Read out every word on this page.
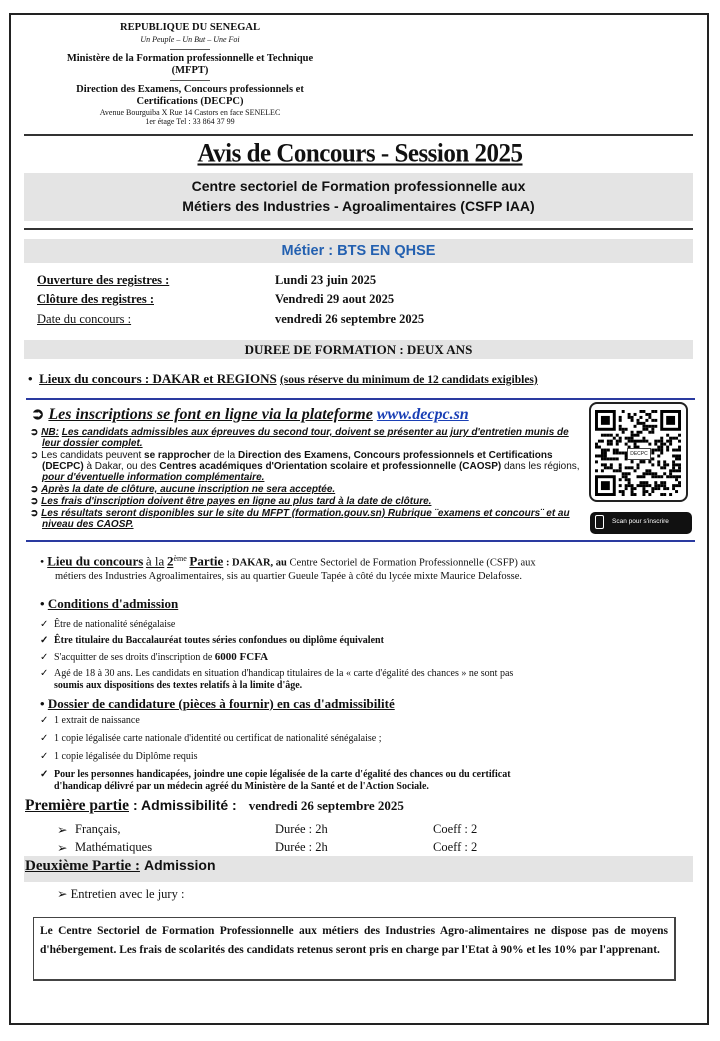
REPUBLIQUE DU SENEGAL
Un Peuple – Un But – Une Foi
Ministère de la Formation professionnelle et Technique (MFPT)
Direction des Examens, Concours professionnels et Certifications (DECPC)
Avenue Bourguiba X Rue 14 Castors en face SENELEC
1er étage Tel : 33 864 37 99
Avis de Concours - Session 2025
Centre sectoriel de Formation professionnelle aux
Métiers des Industries - Agroalimentaires (CSFP IAA)
Métier : BTS EN QHSE
Ouverture des registres :	Lundi 23 juin 2025
Clôture des registres :	Vendredi 29 aout 2025
Date du concours :	vendredi 26 septembre 2025
DUREE DE FORMATION : DEUX ANS
•  Lieux du concours : DAKAR et REGIONS (sous réserve du minimum de 12 candidats exigibles)
➲ Les inscriptions se font en ligne via la plateforme www.decpc.sn
➲ NB: Les candidats admissibles aux épreuves du second tour, doivent se présenter au jury d'entretien munis de leur dossier complet.
➲ Les candidats peuvent se rapprocher de la Direction des Examens, Concours professionnels et Certifications (DECPC) à Dakar, ou des Centres académiques d'Orientation scolaire et professionnelle (CAOSP) dans les régions, pour d'éventuelle information complémentaire.
➲ Après la date de clôture, aucune inscription ne sera acceptée.
➲ Les frais d'inscription doivent être payes en ligne au plus tard à la date de clôture.
➲ Les résultats seront disponibles sur le site du MFPT (formation.gouv.sn) Rubrique ¨examens et concours¨ et au niveau des CAOSP.
DECPC
Scan pour s'inscrire
• Lieu du concours à la 2ème Partie : DAKAR, au Centre Sectoriel de Formation Professionnelle (CSFP) aux
métiers des Industries Agroalimentaires, sis au quartier Gueule Tapée à côté du lycée mixte Maurice Delafosse.
• Conditions d'admission
✓ Être de nationalité sénégalaise
✓ Être titulaire du Baccalauréat toutes séries confondues ou diplôme équivalent
✓ S'acquitter de ses droits d'inscription de 6000 FCFA
✓ Agé de 18 à 30 ans. Les candidats en situation d'handicap titulaires de la « carte d'égalité des chances » ne sont pas
soumis aux dispositions des textes relatifs à la limite d'âge.
• Dossier de candidature (pièces à fournir) en cas d'admissibilité
✓ 1 extrait de naissance
✓ 1 copie légalisée carte nationale d'identité ou certificat de nationalité sénégalaise ;
✓ 1 copie légalisée du Diplôme requis
✓ Pour les personnes handicapées, joindre une copie légalisée de la carte d'égalité des chances ou du certificat
d'handicap délivré par un médecin agréé du Ministère de la Santé et de l'Action Sociale.
Première partie : Admissibilité : vendredi 26 septembre 2025
➢ Français,	Durée : 2h	Coeff : 2
➢ Mathématiques	Durée : 2h	Coeff : 2
Deuxième Partie : Admission
➢ Entretien avec le jury :
Le Centre Sectoriel de Formation Professionnelle aux métiers des Industries Agro-alimentaires ne dispose pas de moyens d'hébergement. Les frais de scolarités des candidats retenus seront pris en charge par l'Etat à 90% et les 10% par l'apprenant.
